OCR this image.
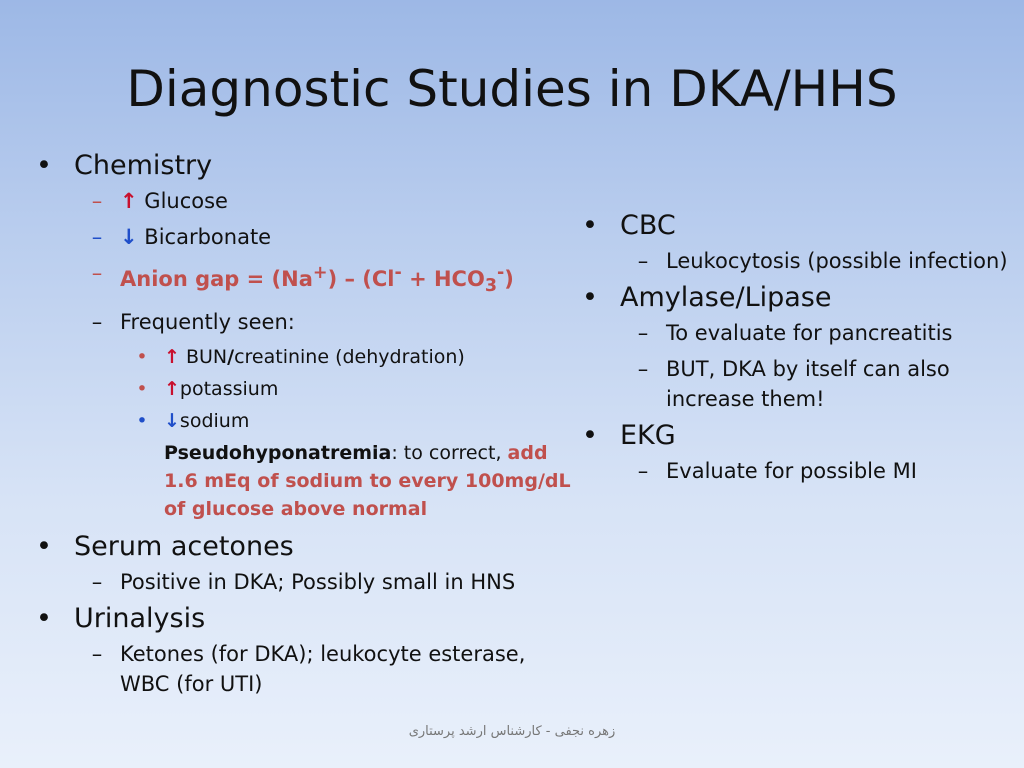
Diagnostic Studies in DKA/HHS
• Chemistry
– ↑ Glucose
– ↓ Bicarbonate
– Anion gap = $(Na^+) - (Cl^- + HCO_3^-)$
– Frequently seen:
• ↑ BUN/creatinine (dehydration)
• ↑potassium
• ↓sodium
Pseudohyponatremia: to correct, add 1.6 mEq of sodium to every 100mg/dL of glucose above normal
• Serum acetones
– Positive in DKA; Possibly small in HNS
• Urinalysis
– Ketones (for DKA); leukocyte esterase, WBC (for UTI)
• CBC
– Leukocytosis (possible infection)
• Amylase/Lipase
– To evaluate for pancreatitis
– BUT, DKA by itself can also increase them!
• EKG
– Evaluate for possible MI
زهره نجفی - کارشناس ارشد پرستاری
